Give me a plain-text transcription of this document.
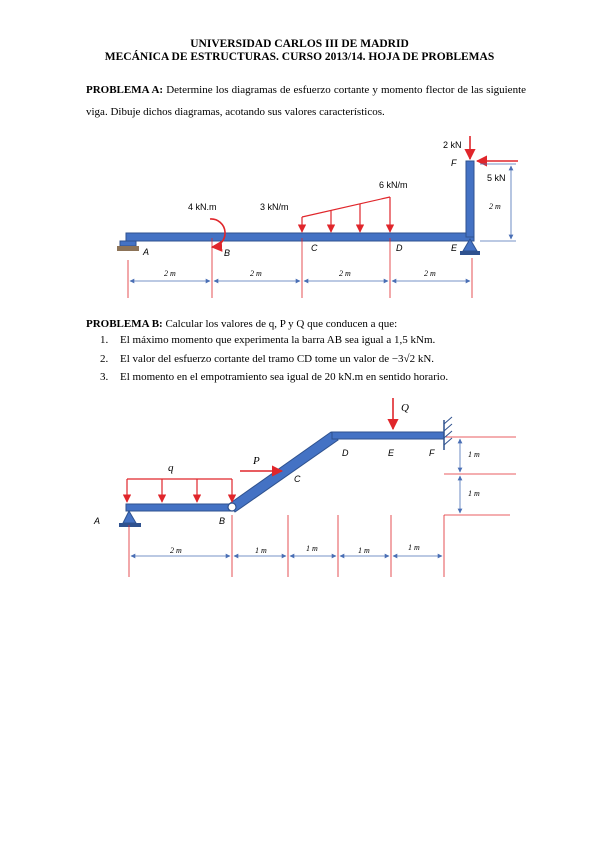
UNIVERSIDAD CARLOS III DE MADRID
MECÁNICA DE ESTRUCTURAS. CURSO 2013/14. HOJA DE PROBLEMAS
PROBLEMA A: Determine los diagramas de esfuerzo cortante y momento flector de las siguiente viga. Dibuje dichos diagramas, acotando sus valores característicos.
A	B	C	D	E
F
4 kN.m	3 kN/m
6 kN/m
2 kN
5 kN
2 m
2 m	2 m	2 m	2 m
PROBLEMA B: Calcular los valores de q, P y Q que conducen a que:
1. El máximo momento que experimenta la barra AB sea igual a 1,5 kNm.
2. El valor del esfuerzo cortante del tramo CD tome un valor de −3√2 kN.
3. El momento en el empotramiento sea igual de 20 kN.m en sentido horario.
q
P
Q
A	B
C
D	E	F	1 m
1 m
2 m	1 m	1 m	1 m	1 m
